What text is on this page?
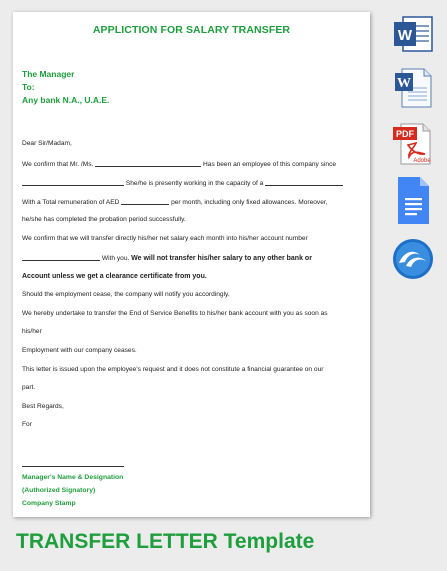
APPLICTION FOR SALARY TRANSFER
The Manager
To:
Any bank N.A., U.A.E.
Dear Sir/Madam,
We confirm that Mr. /Ms.	Has been an employee of this company since
She/he is presently working in the capacity of a
With a Total remuneration of AED	per month, including only fixed allowances. Moreover,
he/she has completed the probation period successfully.
We confirm that we will transfer directly his/her net salary each month into his/her account number
With you. We will not transfer his/her salary to any other bank or
Account unless we get a clearance certificate from you.
Should the employment cease, the company will notify you accordingly.
We hereby undertake to transfer the End of Service Benefits to his/her bank account with you as soon as
his/her
Employment with our company ceases.
This letter is issued upon the employee's request and it does not constitute a financial guarantee on our
part.
Best Regards,
For
Manager's Name & Designation
(Authorized Signatory)
Company Stamp
TRANSFER LETTER Template
W
W
PDF
Adobe
